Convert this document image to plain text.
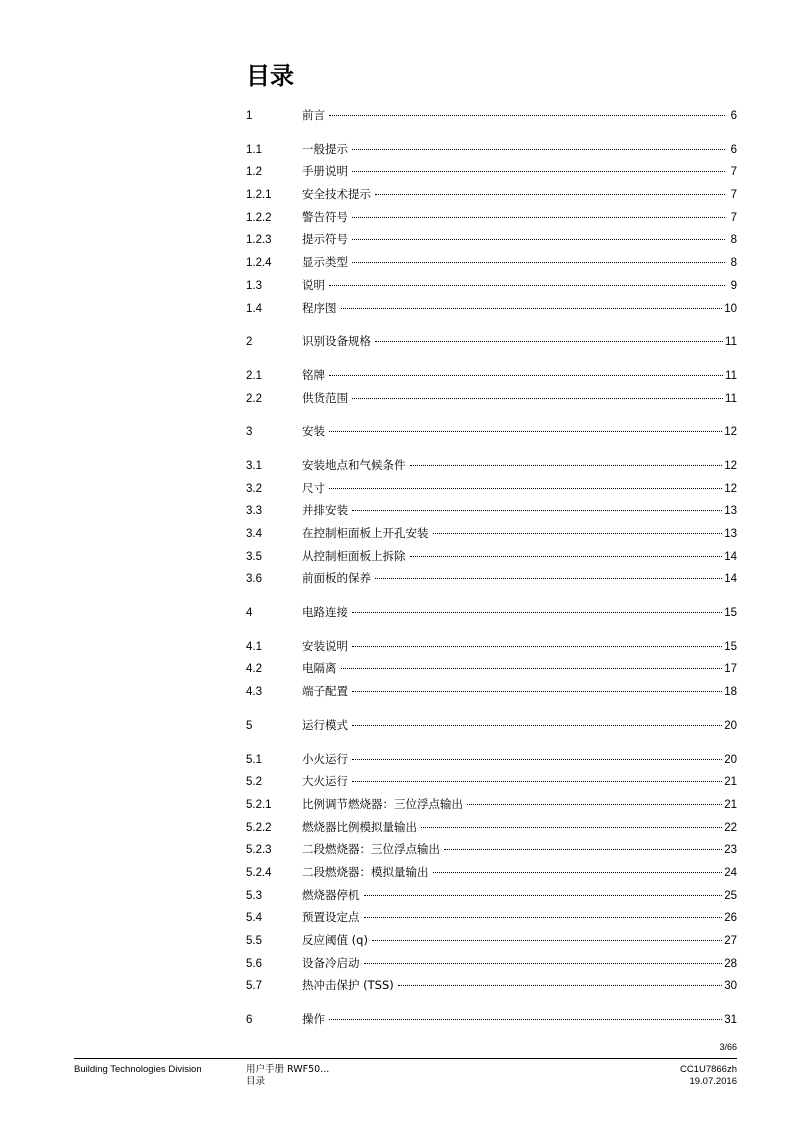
目录
1	前言	6
1.1	一般提示	6
1.2	手册说明	7
1.2.1	安全技术提示	7
1.2.2	警告符号	7
1.2.3	提示符号	8
1.2.4	显示类型	8
1.3	说明	9
1.4	程序图	10
2	识别设备规格	11
2.1	铭牌	11
2.2	供货范围	11
3	安装	12
3.1	安装地点和气候条件	12
3.2	尺寸	12
3.3	并排安装	13
3.4	在控制柜面板上开孔安装	13
3.5	从控制柜面板上拆除	14
3.6	前面板的保养	14
4	电路连接	15
4.1	安装说明	15
4.2	电隔离	17
4.3	端子配置	18
5	运行模式	20
5.1	小火运行	20
5.2	大火运行	21
5.2.1	比例调节燃烧器：三位浮点输出	21
5.2.2	燃烧器比例模拟量输出	22
5.2.3	二段燃烧器：三位浮点输出	23
5.2.4	二段燃烧器：模拟量输出	24
5.3	燃烧器停机	25
5.4	预置设定点	26
5.5	反应阈值 (q)	27
5.6	设备冷启动	28
5.7	热冲击保护 (TSS)	30
6	操作	31
3/66
Building Technologies Division	用户手册 RWF50...
目录
CC1U7866zh
19.07.2016
